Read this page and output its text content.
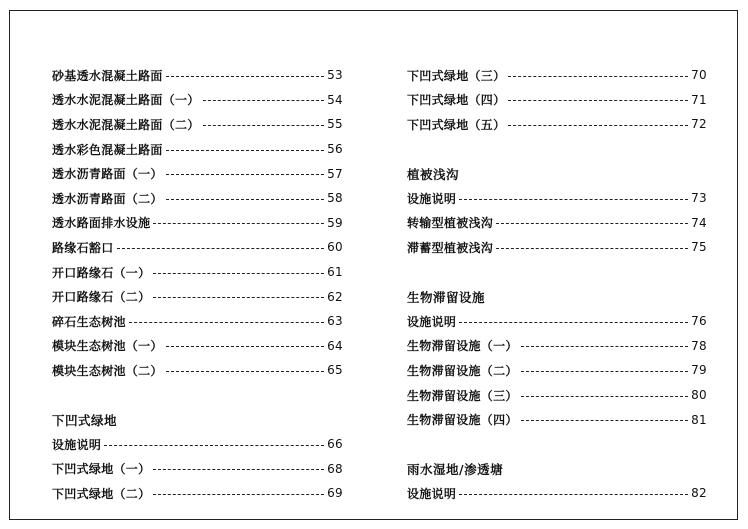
砂基透水混凝土路面	53
透水水泥混凝土路面（一）	54
透水水泥混凝土路面（二）	55
透水彩色混凝土路面	56
透水沥青路面（一）	57
透水沥青路面（二）	58
透水路面排水设施	59
路缘石豁口	60
开口路缘石（一）	61
开口路缘石（二）	62
碎石生态树池	63
模块生态树池（一）	64
模块生态树池（二）	65
下凹式绿地
设施说明	66
下凹式绿地（一）	68
下凹式绿地（二）	69
下凹式绿地（三）	70
下凹式绿地（四）	71
下凹式绿地（五）	72
植被浅沟
设施说明	73
转输型植被浅沟	74
滞蓄型植被浅沟	75
生物滞留设施
设施说明	76
生物滞留设施（一）	78
生物滞留设施（二）	79
生物滞留设施（三）	80
生物滞留设施（四）	81
雨水湿地/渗透塘
设施说明	82
